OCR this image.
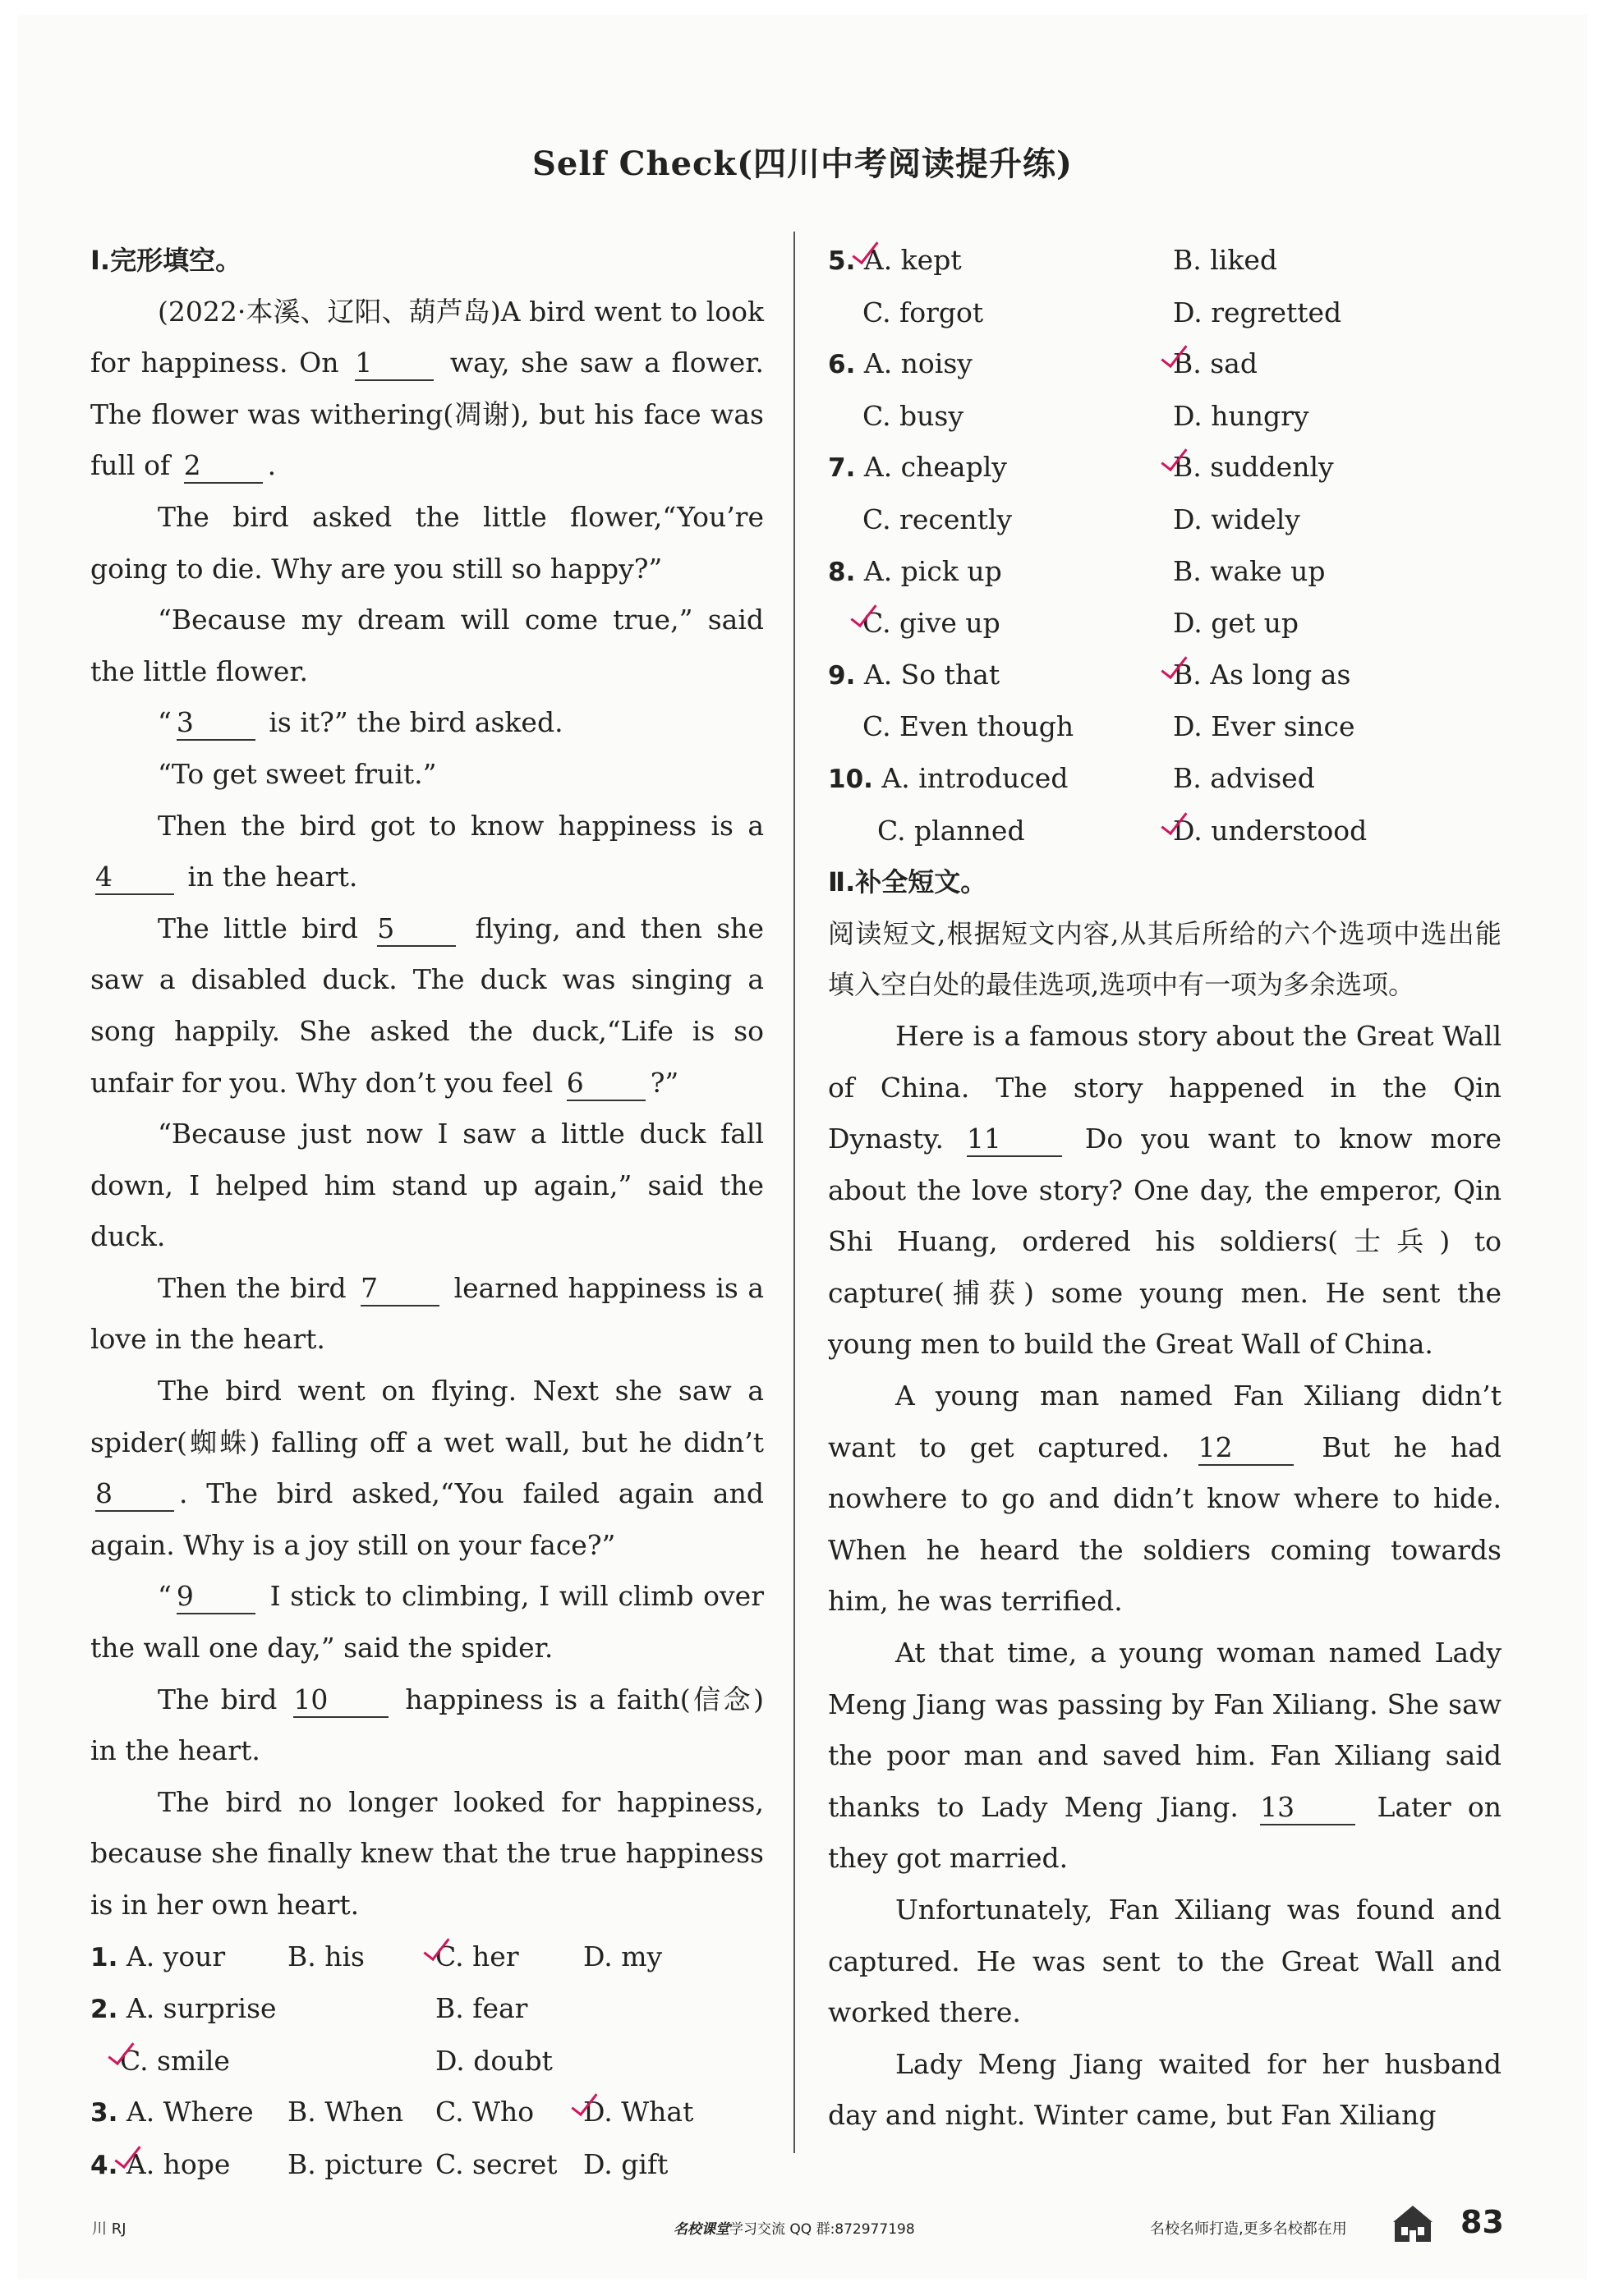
Self Check(四川中考阅读提升练)
Ⅰ.完形填空。
(2022·本溪、辽阳、葫芦岛)A bird went to look for happiness. On 1	way, she saw a flower. The flower was withering(凋谢), but his face was full of 2 .
The bird asked the little flower,“You’re going to die. Why are you still so happy?”
“Because my dream will come true,” said the little flower.
“ 3	is it?” the bird asked.
“To get sweet fruit.”
Then the bird got to know happiness is a 4	in the heart.
The little bird 5	flying, and then she saw a disabled duck. The duck was singing a song happily. She asked the duck,“Life is so unfair for you. Why don’t you feel 6 ?”
“Because just now I saw a little duck fall down, I helped him stand up again,” said the duck.
Then the bird 7	learned happiness is a love in the heart.
The bird went on flying. Next she saw a spider(蜘蛛) falling off a wet wall, but he didn’t 8 . The bird asked,“You failed again and again. Why is a joy still on your face?”
“ 9	I stick to climbing, I will climb over the wall one day,” said the spider.
The bird 10	happiness is a faith(信念) in the heart.
The bird no longer looked for happiness, because she finally knew that the true happiness is in her own heart.
1. A. your	B. his	C. her	D. my
2. A. surprise	B. fear
C. smile	D. doubt
3. A. Where	B. When	C. Who	D. What
4. A. hope	B. picture C. secret D. gift
5. A. kept	B. liked
C. forgot	D. regretted
6. A. noisy	B. sad
C. busy	D. hungry
7. A. cheaply	B. suddenly
C. recently	D. widely
8. A. pick up	B. wake up
C. give up	D. get up
9. A. So that	B. As long as
C. Even though	D. Ever since
10. A. introduced	B. advised
C. planned	D. understood
Ⅱ.补全短文。
阅读短文,根据短文内容,从其后所给的六个选项中选出能填入空白处的最佳选项,选项中有一项为多余选项。
Here is a famous story about the Great Wall of China. The story happened in the Qin Dynasty. 11	Do you want to know more about the love story? One day, the emperor, Qin Shi Huang, ordered his soldiers(士兵) to capture(捕获) some young men. He sent the young men to build the Great Wall of China.
A young man named Fan Xiliang didn’t want to get captured. 12	But he had nowhere to go and didn’t know where to hide. When he heard the soldiers coming towards him, he was terrified.
At that time, a young woman named Lady Meng Jiang was passing by Fan Xiliang. She saw the poor man and saved him. Fan Xiliang said thanks to Lady Meng Jiang. 13	Later on they got married.
Unfortunately, Fan Xiliang was found and captured. He was sent to the Great Wall and worked there.
Lady Meng Jiang waited for her husband day and night. Winter came, but Fan Xiliang
川 RJ	名校课堂学习交流 QQ 群:872977198	名校名师打造,更多名校都在用	83
